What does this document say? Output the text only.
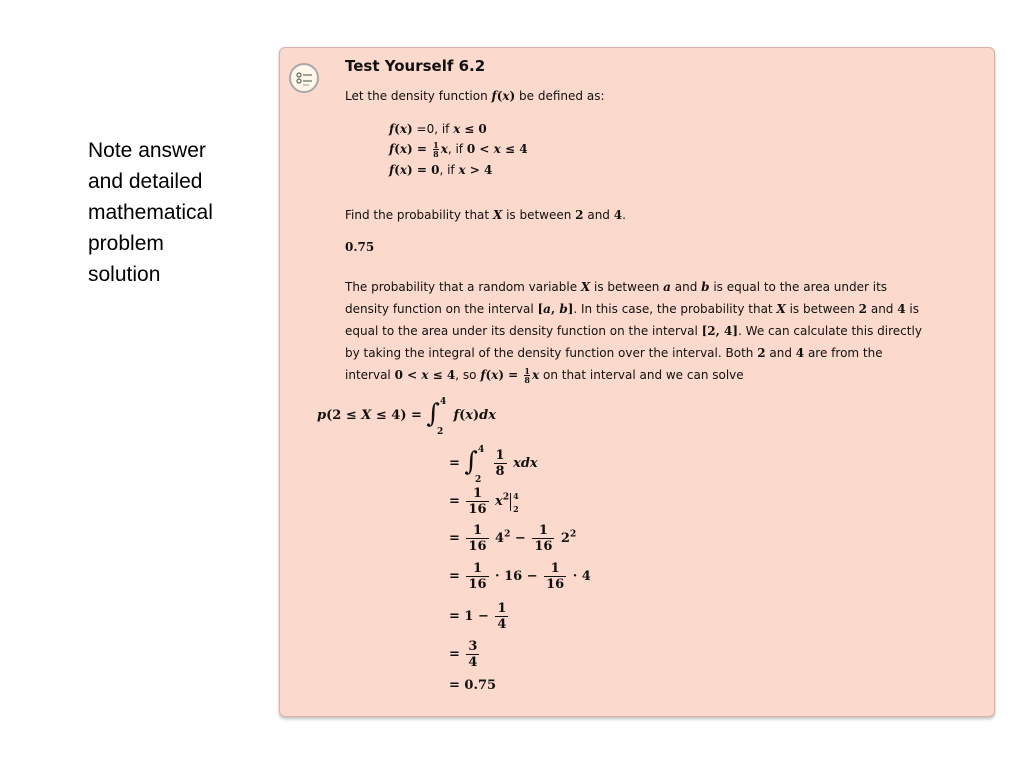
Note answer
and detailed
mathematical
problem
solution
Test Yourself 6.2
Let the density function f(x) be defined as:
f(x) =0, if x ≤ 0
$f(x) = \frac{1}{8} x$, if 0 < x ≤ 4
f(x) = 0, if x > 4
Find the probability that X is between 2 and 4.
0.75
The probability that a random variable X is between a and b is equal to the area under its
density function on the interval [a, b]. In this case, the probability that X is between 2 and 4 is
equal to the area under its density function on the interval [2, 4]. We can calculate this directly
by taking the integral of the density function over the interval. Both 2 and 4 are from the
interval 0 < x ≤ 4, so $f(x) = \frac{1}{8}$ x on that interval and we can solve
p(2 ≤ X ≤ 4) = ∫ 4
2
f(x)dx
= ∫ 4
2

$\frac{1}{8}$ xdx
= $\frac{1}{16} x^2$ 4
2
= $\frac{1}{16} 4^2 - \frac{1}{16} 2^2$
= $\frac{1}{16} \cdot 16 - \frac{1}{16} \cdot 4$
= $1 - \frac{1}{4}$
= $\frac{3}{4}$
= 0.75
